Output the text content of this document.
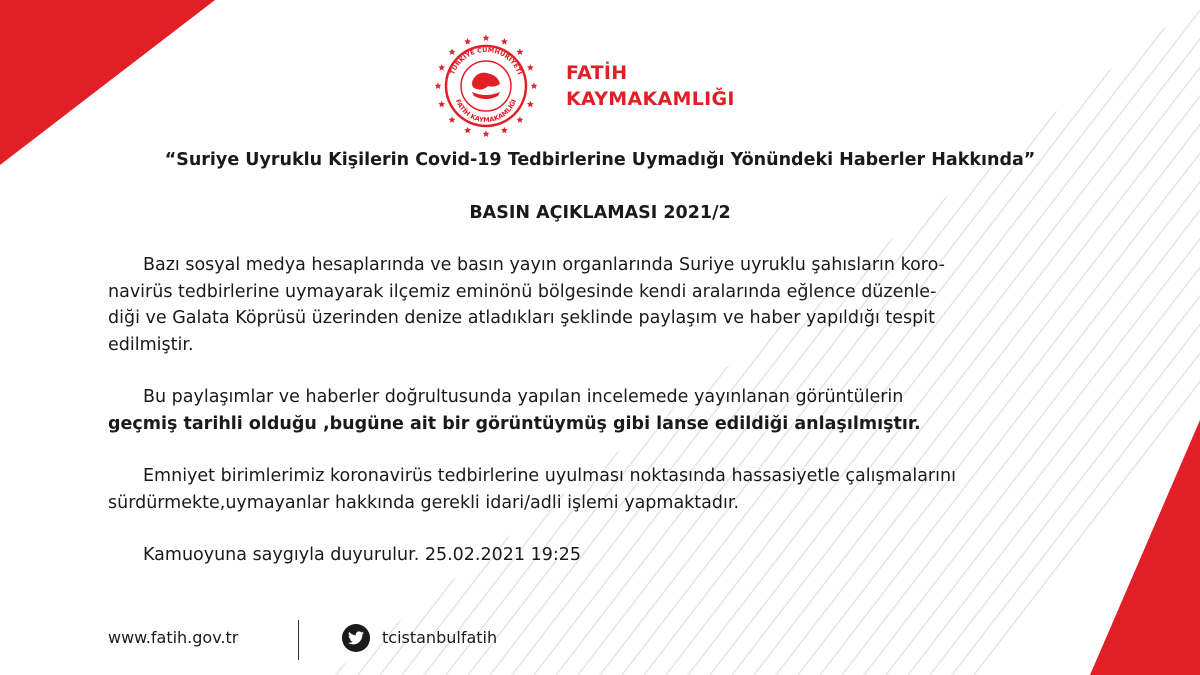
TÜRKİYE CUMHURİYETİ
FATİH KAYMAKAMLIĞI
FATİH
KAYMAKAMLIĞI
“Suriye Uyruklu Kişilerin Covid-19 Tedbirlerine Uymadığı Yönündeki Haberler Hakkında”
BASIN AÇIKLAMASI 2021/2
Bazı sosyal medya hesaplarında ve basın yayın organlarında Suriye uyruklu şahısların koro-
navirüs tedbirlerine uymayarak ilçemiz eminönü bölgesinde kendi aralarında eğlence düzenle-
diği ve Galata Köprüsü üzerinden denize atladıkları şeklinde paylaşım ve haber yapıldığı tespit
edilmiştir.
Bu paylaşımlar ve haberler doğrultusunda yapılan incelemede yayınlanan görüntülerin
geçmiş tarihli olduğu ,bugüne ait bir görüntüymüş gibi lanse edildiği anlaşılmıştır.
Emniyet birimlerimiz koronavirüs tedbirlerine uyulması noktasında hassasiyetle çalışmalarını
sürdürmekte,uymayanlar hakkında gerekli idari/adli işlemi yapmaktadır.
Kamuoyuna saygıyla duyurulur. 25.02.2021 19:25
www.fatih.gov.tr	tcistanbulfatih
